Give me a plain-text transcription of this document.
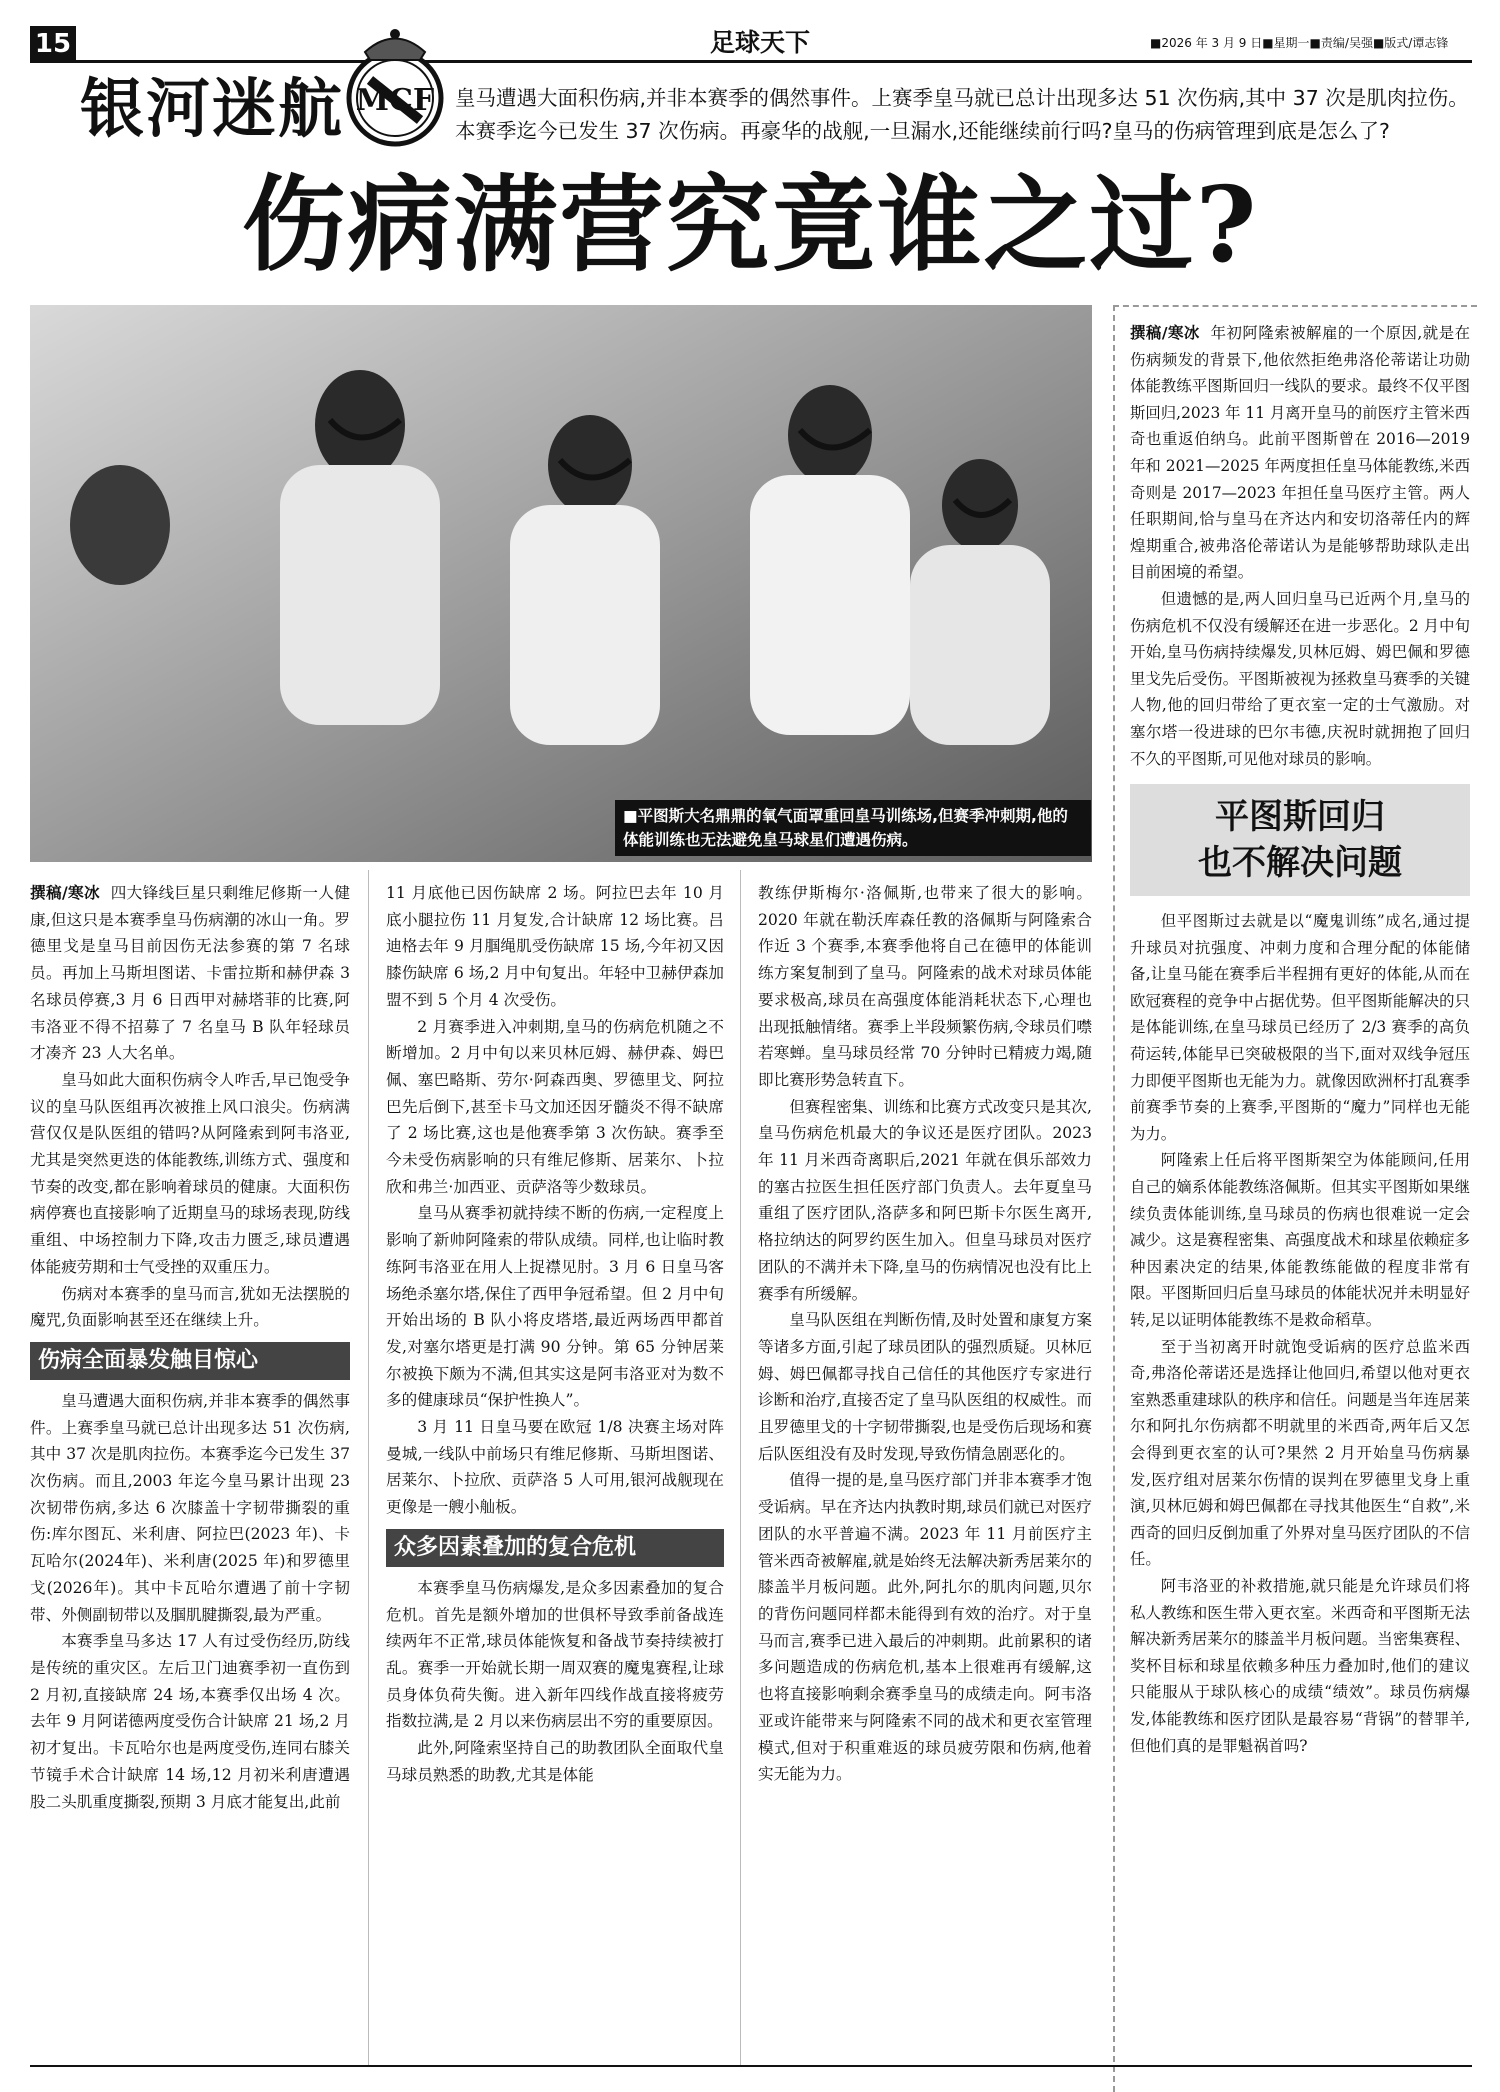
15	足球天下	■2026 年 3 月 9 日■星期一■责编/吴强■版式/谭志锋
银河迷航 MCF 皇马遭遇大面积伤病,并非本赛季的偶然事件。上赛季皇马就已总计出现多达 51 次伤病,其中 37 次是肌肉拉伤。本赛季迄今已发生 37 次伤病。再豪华的战舰,一旦漏水,还能继续前行吗?皇马的伤病管理到底是怎么了?
伤病满营究竟谁之过?
■平图斯大名鼎鼎的氧气面罩重回皇马训练场,但赛季冲刺期,他的体能训练也无法避免皇马球星们遭遇伤病。

撰稿/寒冰 四大锋线巨星只剩维尼修斯一人健康,但这只是本赛季皇马伤病潮的冰山一角。罗德里戈是皇马目前因伤无法参赛的第 7 名球员。再加上马斯坦图诺、卡雷拉斯和赫伊森 3 名球员停赛,3 月 6 日西甲对赫塔菲的比赛,阿韦洛亚不得不招募了 7 名皇马 B 队年轻球员才凑齐 23 人大名单。

皇马如此大面积伤病令人咋舌,早已饱受争议的皇马队医组再次被推上风口浪尖。伤病满营仅仅是队医组的错吗?从阿隆索到阿韦洛亚,尤其是突然更迭的体能教练,训练方式、强度和节奏的改变,都在影响着球员的健康。大面积伤病停赛也直接影响了近期皇马的球场表现,防线重组、中场控制力下降,攻击力匮乏,球员遭遇体能疲劳期和士气受挫的双重压力。

伤病对本赛季的皇马而言,犹如无法摆脱的魔咒,负面影响甚至还在继续上升。

伤病全面暴发触目惊心

皇马遭遇大面积伤病,并非本赛季的偶然事件。上赛季皇马就已总计出现多达 51 次伤病,其中 37 次是肌肉拉伤。本赛季迄今已发生 37 次伤病。而且,2003 年迄今皇马累计出现 23 次韧带伤病,多达 6 次膝盖十字韧带撕裂的重伤:库尔图瓦、米利唐、阿拉巴(2023 年)、卡瓦哈尔(2024年)、米利唐(2025 年)和罗德里戈(2026年)。其中卡瓦哈尔遭遇了前十字韧带、外侧副韧带以及腘肌腱撕裂,最为严重。

本赛季皇马多达 17 人有过受伤经历,防线是传统的重灾区。左后卫门迪赛季初一直伤到 2 月初,直接缺席 24 场,本赛季仅出场 4 次。去年 9 月阿诺德两度受伤合计缺席 21 场,2 月初才复出。卡瓦哈尔也是两度受伤,连同右膝关节镜手术合计缺席 14 场,12 月初米利唐遭遇股二头肌重度撕裂,预期 3 月底才能复出,此前

11 月底他已因伤缺席 2 场。阿拉巴去年 10 月底小腿拉伤 11 月复发,合计缺席 12 场比赛。吕迪格去年 9 月腘绳肌受伤缺席 15 场,今年初又因膝伤缺席 6 场,2 月中旬复出。年轻中卫赫伊森加盟不到 5 个月 4 次受伤。

2 月赛季进入冲刺期,皇马的伤病危机随之不断增加。2 月中旬以来贝林厄姆、赫伊森、姆巴佩、塞巴略斯、劳尔·阿森西奥、罗德里戈、阿拉巴先后倒下,甚至卡马文加还因牙髓炎不得不缺席了 2 场比赛,这也是他赛季第 3 次伤缺。赛季至今未受伤病影响的只有维尼修斯、居莱尔、卜拉欣和弗兰·加西亚、贡萨洛等少数球员。

皇马从赛季初就持续不断的伤病,一定程度上影响了新帅阿隆索的带队成绩。同样,也让临时教练阿韦洛亚在用人上捉襟见肘。3 月 6 日皇马客场绝杀塞尔塔,保住了西甲争冠希望。但 2 月中旬开始出场的 B 队小将皮塔塔,最近两场西甲都首发,对塞尔塔更是打满 90 分钟。第 65 分钟居莱尔被换下颇为不满,但其实这是阿韦洛亚对为数不多的健康球员“保护性换人”。

3 月 11 日皇马要在欧冠 1/8 决赛主场对阵曼城,一线队中前场只有维尼修斯、马斯坦图诺、居莱尔、卜拉欣、贡萨洛 5 人可用,银河战舰现在更像是一艘小舢板。

众多因素叠加的复合危机

本赛季皇马伤病爆发,是众多因素叠加的复合危机。首先是额外增加的世俱杯导致季前备战连续两年不正常,球员体能恢复和备战节奏持续被打乱。赛季一开始就长期一周双赛的魔鬼赛程,让球员身体负荷失衡。进入新年四线作战直接将疲劳指数拉满,是 2 月以来伤病层出不穷的重要原因。

此外,阿隆索坚持自己的助教团队全面取代皇马球员熟悉的助教,尤其是体能

教练伊斯梅尔·洛佩斯,也带来了很大的影响。2020 年就在勒沃库森任教的洛佩斯与阿隆索合作近 3 个赛季,本赛季他将自己在德甲的体能训练方案复制到了皇马。阿隆索的战术对球员体能要求极高,球员在高强度体能消耗状态下,心理也出现抵触情绪。赛季上半段频繁伤病,令球员们噤若寒蝉。皇马球员经常 70 分钟时已精疲力竭,随即比赛形势急转直下。

但赛程密集、训练和比赛方式改变只是其次,皇马伤病危机最大的争议还是医疗团队。2023 年 11 月米西奇离职后,2021 年就在俱乐部效力的塞古拉医生担任医疗部门负责人。去年夏皇马重组了医疗团队,洛萨多和阿巴斯卡尔医生离开,格拉纳达的阿罗约医生加入。但皇马球员对医疗团队的不满并未下降,皇马的伤病情况也没有比上赛季有所缓解。

皇马队医组在判断伤情,及时处置和康复方案等诸多方面,引起了球员团队的强烈质疑。贝林厄姆、姆巴佩都寻找自己信任的其他医疗专家进行诊断和治疗,直接否定了皇马队医组的权威性。而且罗德里戈的十字韧带撕裂,也是受伤后现场和赛后队医组没有及时发现,导致伤情急剧恶化的。

值得一提的是,皇马医疗部门并非本赛季才饱受诟病。早在齐达内执教时期,球员们就已对医疗团队的水平普遍不满。2023 年 11 月前医疗主管米西奇被解雇,就是始终无法解决新秀居莱尔的膝盖半月板问题。此外,阿扎尔的肌肉问题,贝尔的背伤问题同样都未能得到有效的治疗。对于皇马而言,赛季已进入最后的冲刺期。此前累积的诸多问题造成的伤病危机,基本上很难再有缓解,这也将直接影响剩余赛季皇马的成绩走向。阿韦洛亚或许能带来与阿隆索不同的战术和更衣室管理模式,但对于积重难返的球员疲劳限和伤病,他着实无能为力。

撰稿/寒冰 年初阿隆索被解雇的一个原因,就是在伤病频发的背景下,他依然拒绝弗洛伦蒂诺让功勋体能教练平图斯回归一线队的要求。最终不仅平图斯回归,2023 年 11 月离开皇马的前医疗主管米西奇也重返伯纳乌。此前平图斯曾在 2016—2019 年和 2021—2025 年两度担任皇马体能教练,米西奇则是 2017—2023 年担任皇马医疗主管。两人任职期间,恰与皇马在齐达内和安切洛蒂任内的辉煌期重合,被弗洛伦蒂诺认为是能够帮助球队走出目前困境的希望。

但遗憾的是,两人回归皇马已近两个月,皇马的伤病危机不仅没有缓解还在进一步恶化。2 月中旬开始,皇马伤病持续爆发,贝林厄姆、姆巴佩和罗德里戈先后受伤。平图斯被视为拯救皇马赛季的关键人物,他的回归带给了更衣室一定的士气激励。对塞尔塔一役进球的巴尔韦德,庆祝时就拥抱了回归不久的平图斯,可见他对球员的影响。

平图斯回归
也不解决问题

但平图斯过去就是以“魔鬼训练”成名,通过提升球员对抗强度、冲刺力度和合理分配的体能储备,让皇马能在赛季后半程拥有更好的体能,从而在欧冠赛程的竞争中占据优势。但平图斯能解决的只是体能训练,在皇马球员已经历了 2/3 赛季的高负荷运转,体能早已突破极限的当下,面对双线争冠压力即便平图斯也无能为力。就像因欧洲杯打乱赛季前赛季节奏的上赛季,平图斯的“魔力”同样也无能为力。

阿隆索上任后将平图斯架空为体能顾问,任用自己的嫡系体能教练洛佩斯。但其实平图斯如果继续负责体能训练,皇马球员的伤病也很难说一定会减少。这是赛程密集、高强度战术和球星依赖症多种因素决定的结果,体能教练能做的程度非常有限。平图斯回归后皇马球员的体能状况并未明显好转,足以证明体能教练不是救命稻草。

至于当初离开时就饱受诟病的医疗总监米西奇,弗洛伦蒂诺还是选择让他回归,希望以他对更衣室熟悉重建球队的秩序和信任。问题是当年连居莱尔和阿扎尔伤病都不明就里的米西奇,两年后又怎会得到更衣室的认可?果然 2 月开始皇马伤病暴发,医疗组对居莱尔伤情的误判在罗德里戈身上重演,贝林厄姆和姆巴佩都在寻找其他医生“自救”,米西奇的回归反倒加重了外界对皇马医疗团队的不信任。

阿韦洛亚的补救措施,就只能是允许球员们将私人教练和医生带入更衣室。米西奇和平图斯无法解决新秀居莱尔的膝盖半月板问题。当密集赛程、奖杯目标和球星依赖多种压力叠加时,他们的建议只能服从于球队核心的成绩“绩效”。球员伤病爆发,体能教练和医疗团队是最容易“背锅”的替罪羊,但他们真的是罪魁祸首吗?
